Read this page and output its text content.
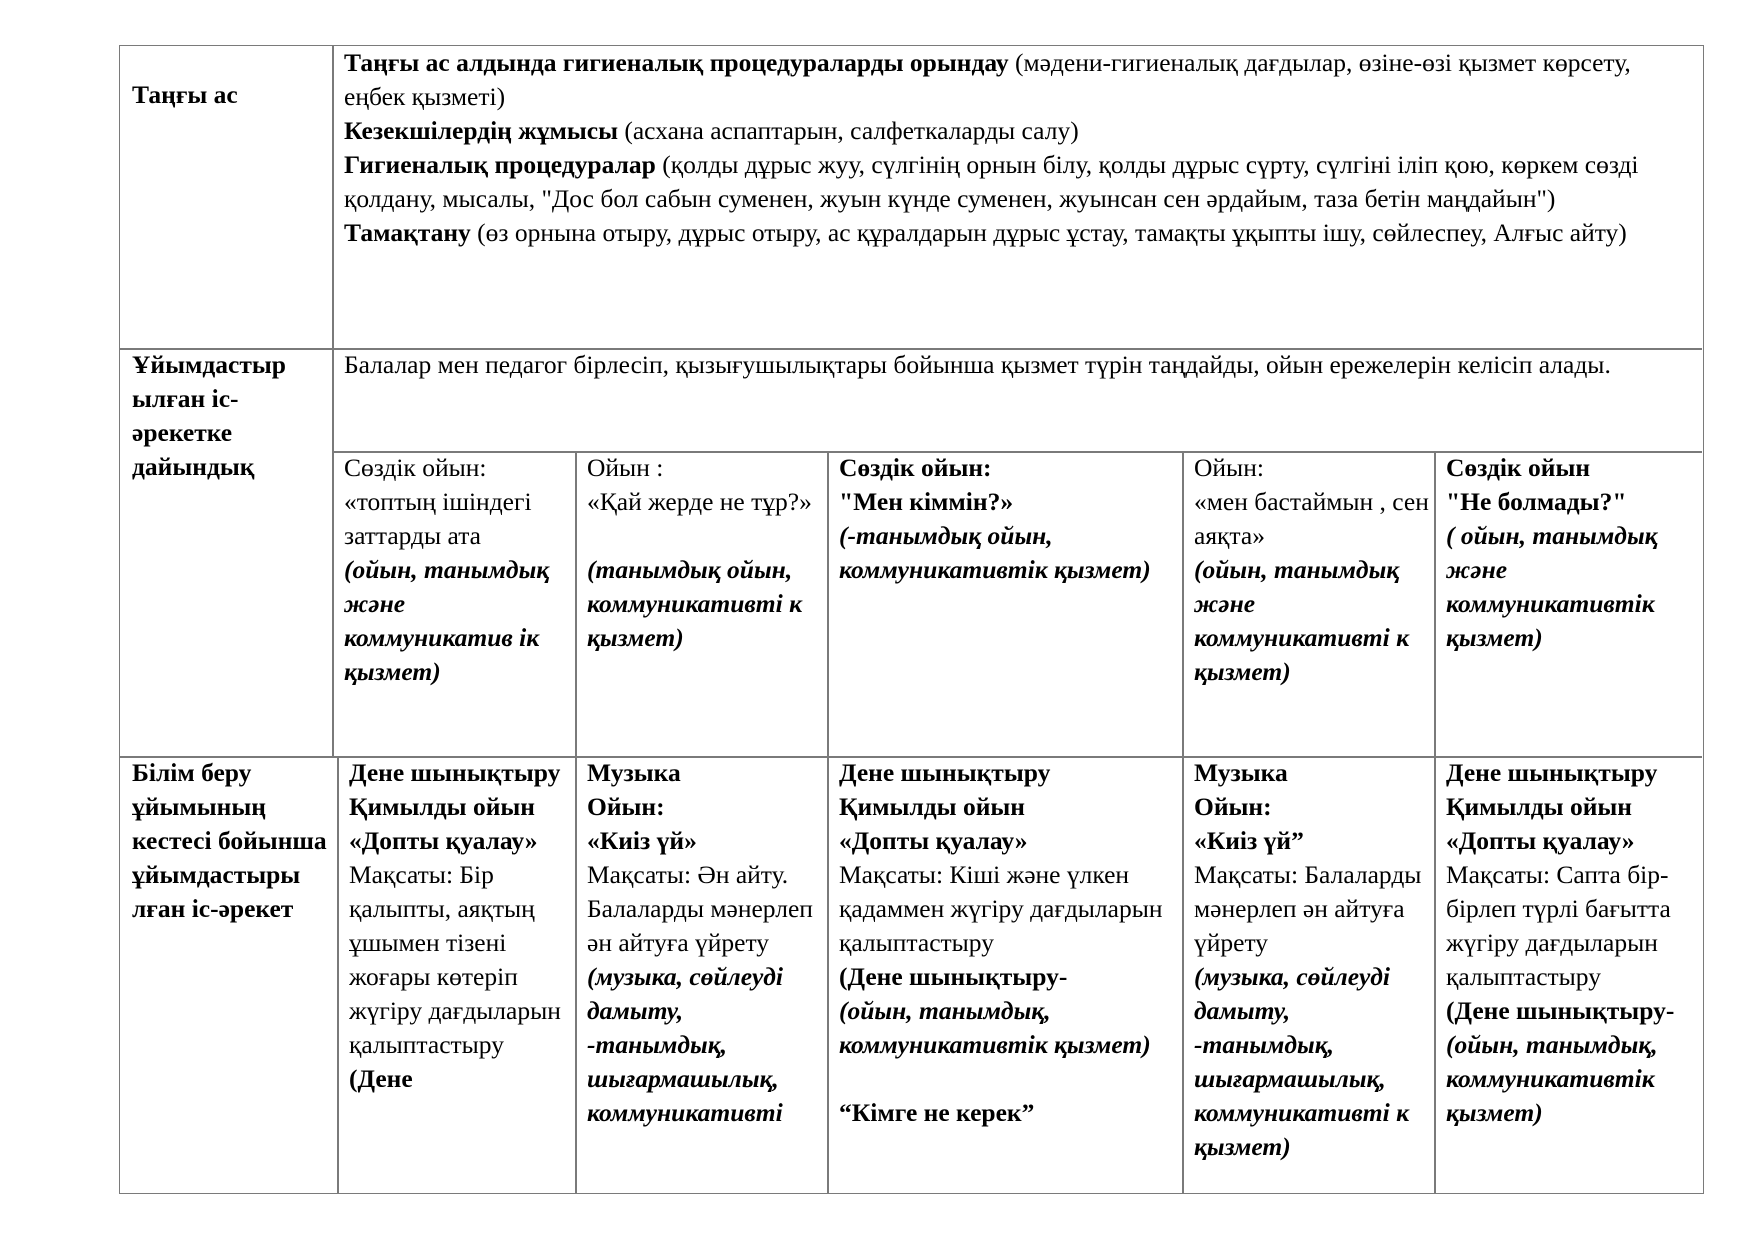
Таңғы ас

Таңғы ас алдында гигиеналық процедураларды орындау (мәдени-гигиеналық дағдылар, өзіне-өзі қызмет көрсету, еңбек қызметі)

Кезекшілердің жұмысы (асхана аспаптарын, салфеткаларды салу)

Гигиеналық процедуралар (қолды дұрыс жуу, сүлгінің орнын білу, қолды дұрыс сүрту, сүлгіні іліп қою, көркем сөзді қолдану, мысалы, "Дос бол сабын суменен, жуын күнде суменен, жуынсан сен әрдайым, таза бетін маңдайын")

Тамақтану (өз орнына отыру, дұрыс отыру, ас құралдарын дұрыс ұстау, тамақты ұқыпты ішу, сөйлеспеу, Алғыс айту)

Ұйымдастыр ылған іс-әрекетке дайындық
Балалар мен педагог бірлесіп, қызығушылықтары бойынша қызмет түрін таңдайды, ойын ережелерін келісіп алады.
Сөздік ойын:
«топтың ішіндегі заттарды ата
(ойын, танымдық және коммуникатив ік қызмет)
Ойын :
«Қай жерде не тұр?»
(танымдық ойын, коммуникативті к қызмет)
Сөздік ойын:
"Мен кіммін?»
(-танымдық ойын, коммуникативтік қызмет)
Ойын:
«мен бастаймын , сен аяқта»
(ойын, танымдық және коммуникативті к қызмет)
Сөздік ойын
"Не болмады?"
( ойын, танымдық және коммуникативтік қызмет)
Білім беру ұйымының кестесі бойынша ұйымдастыры лған іс-әрекет
Дене шынықтыру
Қимылды ойын
«Допты қуалау»
Мақсаты: Бір қалыпты, аяқтың ұшымен тізені жоғары көтеріп жүгіру дағдыларын қалыптастыру
(Дене
Музыка
Ойын:
«Киіз үй»
Мақсаты: Ән айту. Балаларды мәнерлеп ән айтуға үйрету
(музыка, сөйлеуді дамыту, -танымдық, шығармашылық, коммуникативті
Дене шынықтыру
Қимылды ойын
«Допты қуалау»
Мақсаты: Кіші және үлкен қадаммен жүгіру дағдыларын қалыптастыру
(Дене шынықтыру-
(ойын, танымдық, коммуникативтік қызмет)
“Кімге не керек”
Музыка
Ойын:
«Киіз үй”
Мақсаты: Балаларды мәнерлеп ән айтуға үйрету
(музыка, сөйлеуді дамыту, -танымдық, шығармашылық, коммуникативті к қызмет)
Дене шынықтыру
Қимылды ойын
«Допты қуалау»
Мақсаты: Сапта бір-бірлеп түрлі бағытта жүгіру дағдыларын қалыптастыру
(Дене шынықтыру-
(ойын, танымдық, коммуникативтік қызмет)
